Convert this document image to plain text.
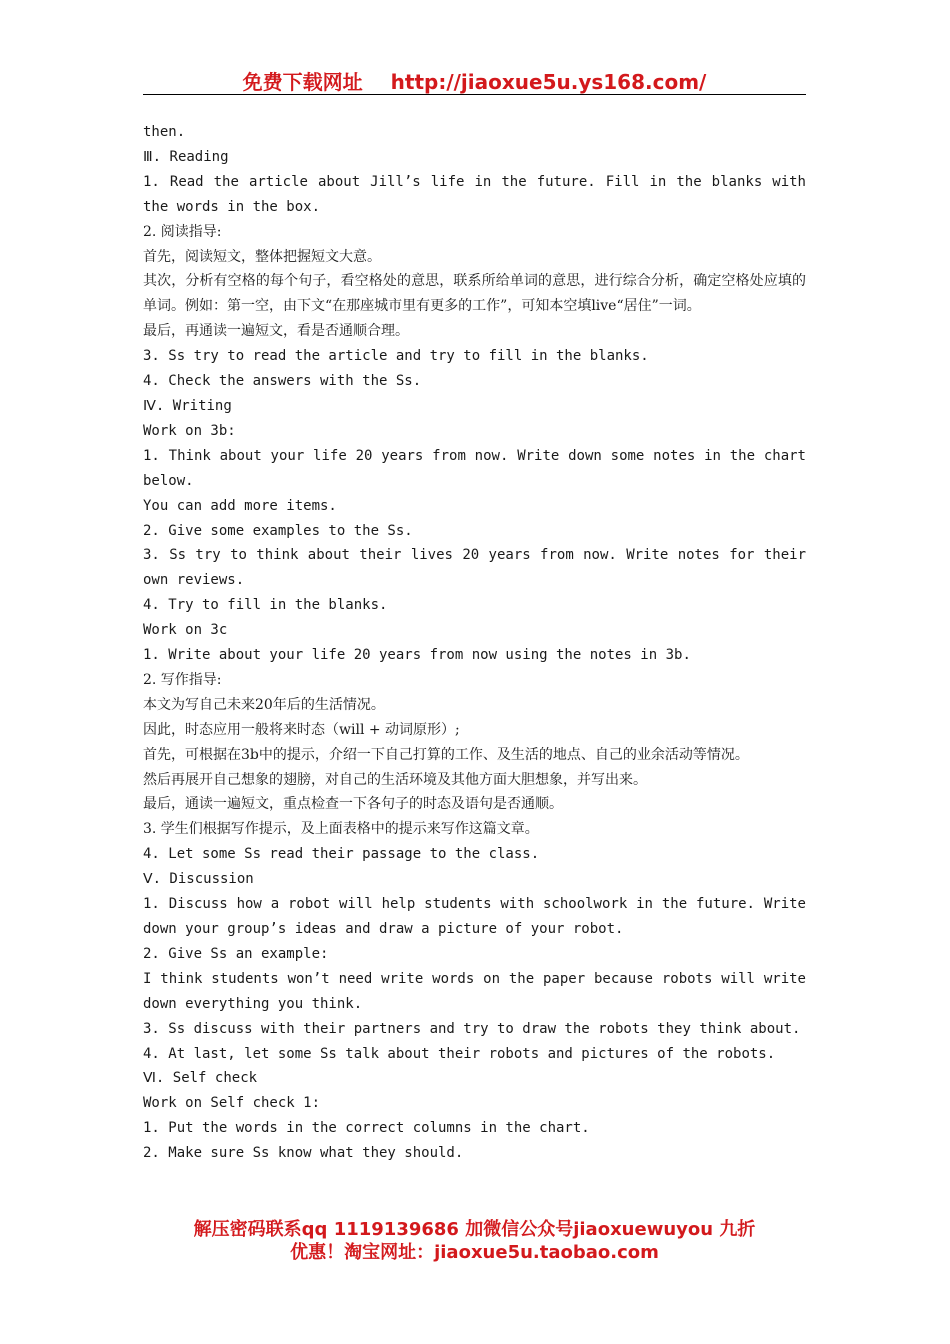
免费下载网址 http://jiaoxue5u.ys168.com/

then.

Ⅲ. Reading

1. Read the article about Jill’s life in the future. Fill in the blanks with the words in the box.

2. 阅读指导:

首先，阅读短文，整体把握短文大意。

其次，分析有空格的每个句子，看空格处的意思，联系所给单词的意思，进行综合分析，确定空格处应填的单词。例如：第一空，由下文“在那座城市里有更多的工作”，可知本空填live“居住”一词。

最后，再通读一遍短文，看是否通顺合理。

3. Ss try to read the article and try to fill in the blanks.

4. Check the answers with the Ss.

Ⅳ. Writing

Work on 3b:

1. Think about your life 20 years from now. Write down some notes in the chart below.

You can add more items.

2. Give some examples to the Ss.

3. Ss try to think about their lives 20 years from now. Write notes for their own reviews.

4. Try to fill in the blanks.

Work on 3c

1. Write about your life 20 years from now using the notes in 3b.

2. 写作指导:

本文为写自己未来20年后的生活情况。

因此，时态应用一般将来时态（will + 动词原形）;

首先，可根据在3b中的提示，介绍一下自己打算的工作、及生活的地点、自己的业余活动等情况。

然后再展开自己想象的翅膀，对自己的生活环境及其他方面大胆想象，并写出来。

最后，通读一遍短文，重点检查一下各句子的时态及语句是否通顺。

3. 学生们根据写作提示，及上面表格中的提示来写作这篇文章。

4. Let some Ss read their passage to the class.

Ⅴ. Discussion

1. Discuss how a robot will help students with schoolwork in the future. Write down your group’s ideas and draw a picture of your robot.

2. Give Ss an example:

I think students won’t need write words on the paper because robots will write down everything you think.

3. Ss discuss with their partners and try to draw the robots they think about.

4. At last, let some Ss talk about their robots and pictures of the robots.

Ⅵ. Self check

Work on Self check 1:

1. Put the words in the correct columns in the chart.

2. Make sure Ss know what they should.

解压密码联系qq 1119139686 加微信公众号jiaoxuewuyou 九折
优惠！淘宝网址：jiaoxue5u.taobao.com
